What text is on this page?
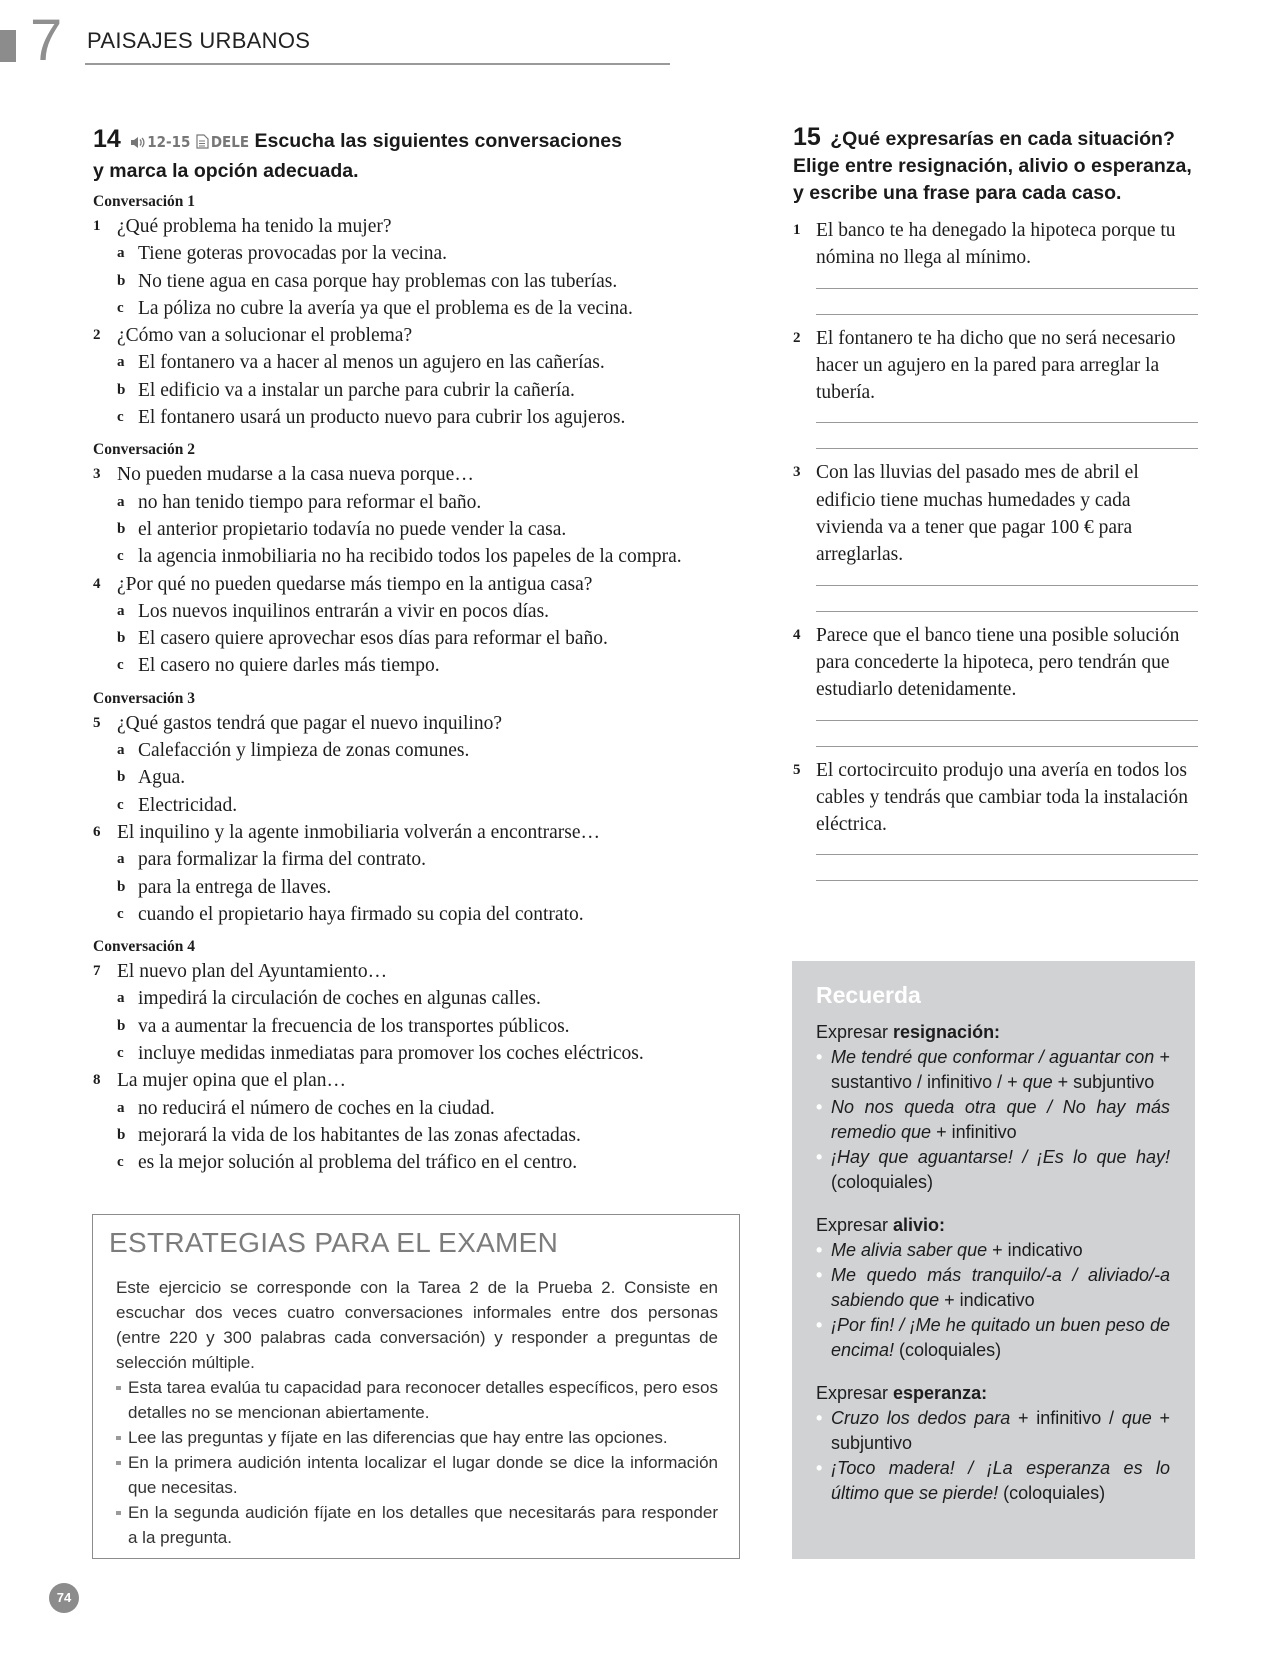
7 PAISAJES URBANOS
14 12-15 DELE Escucha las siguientes conversaciones
y marca la opción adecuada.
Conversación 1
1 ¿Qué problema ha tenido la mujer?
a Tiene goteras provocadas por la vecina.
b No tiene agua en casa porque hay problemas con las tuberías.
c La póliza no cubre la avería ya que el problema es de la vecina.
2 ¿Cómo van a solucionar el problema?
a El fontanero va a hacer al menos un agujero en las cañerías.
b El edificio va a instalar un parche para cubrir la cañería.
c El fontanero usará un producto nuevo para cubrir los agujeros.
Conversación 2
3 No pueden mudarse a la casa nueva porque…
a no han tenido tiempo para reformar el baño.
b el anterior propietario todavía no puede vender la casa.
c la agencia inmobiliaria no ha recibido todos los papeles de la compra.
4 ¿Por qué no pueden quedarse más tiempo en la antigua casa?
a Los nuevos inquilinos entrarán a vivir en pocos días.
b El casero quiere aprovechar esos días para reformar el baño.
c El casero no quiere darles más tiempo.
Conversación 3
5 ¿Qué gastos tendrá que pagar el nuevo inquilino?
a Calefacción y limpieza de zonas comunes.
b Agua.
c Electricidad.
6 El inquilino y la agente inmobiliaria volverán a encontrarse…
a para formalizar la firma del contrato.
b para la entrega de llaves.
c cuando el propietario haya firmado su copia del contrato.
Conversación 4
7 El nuevo plan del Ayuntamiento…
a impedirá la circulación de coches en algunas calles.
b va a aumentar la frecuencia de los transportes públicos.
c incluye medidas inmediatas para promover los coches eléctricos.
8 La mujer opina que el plan…
a no reducirá el número de coches en la ciudad.
b mejorará la vida de los habitantes de las zonas afectadas.
c es la mejor solución al problema del tráfico en el centro.
ESTRATEGIAS PARA EL EXAMEN

Este ejercicio se corresponde con la Tarea 2 de la Prueba 2. Consiste en escuchar dos veces cuatro conversaciones informales entre dos personas (entre 220 y 300 palabras cada conversación) y responder a preguntas de selección múltiple.

Esta tarea evalúa tu capacidad para reconocer detalles específicos, pero esos detalles no se mencionan abiertamente.
Lee las preguntas y fíjate en las diferencias que hay entre las opciones.
En la primera audición intenta localizar el lugar donde se dice la información que necesitas.
En la segunda audición fíjate en los detalles que necesitarás para responder a la pregunta.
15 ¿Qué expresarías en cada situación?
Elige entre resignación, alivio o esperanza,
y escribe una frase para cada caso.
1 El banco te ha denegado la hipoteca porque tu nómina no llega al mínimo.
2 El fontanero te ha dicho que no será necesario hacer un agujero en la pared para arreglar la tubería.
3 Con las lluvias del pasado mes de abril el edificio tiene muchas humedades y cada vivienda va a tener que pagar 100 € para arreglarlas.
4 Parece que el banco tiene una posible solución para concederte la hipoteca, pero tendrán que estudiarlo detenidamente.
5 El cortocircuito produjo una avería en todos los cables y tendrás que cambiar toda la instalación eléctrica.
Recuerda
Expresar resignación:
• Me tendré que conformar / aguantar con + sustantivo / infinitivo / + que + subjuntivo
• No nos queda otra que / No hay más remedio que + infinitivo
• ¡Hay que aguantarse! / ¡Es lo que hay! (coloquiales)
Expresar alivio:
• Me alivia saber que + indicativo
• Me quedo más tranquilo/-a / aliviado/-a sabiendo que + indicativo
• ¡Por fin! / ¡Me he quitado un buen peso de encima! (coloquiales)
Expresar esperanza:
• Cruzo los dedos para + infinitivo / que + subjuntivo
• ¡Toco madera! / ¡La esperanza es lo último que se pierde! (coloquiales)
74
